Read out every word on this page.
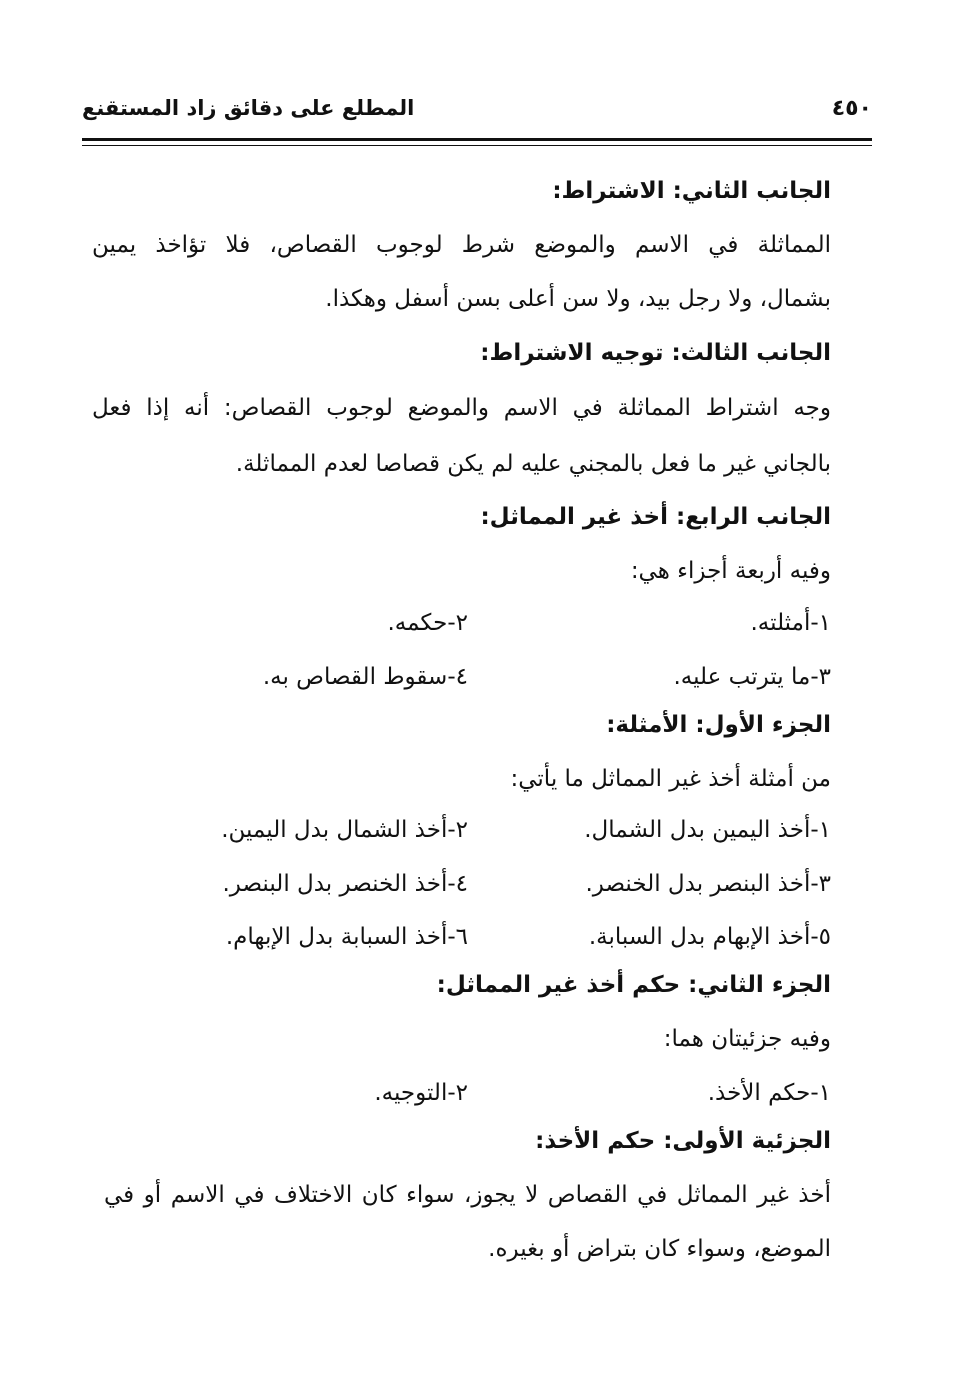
٤٥٠
المطلع على دقائق زاد المستقنع
الجانب الثاني: الاشتراط:
المماثلة في الاسم والموضع شرط لوجوب القصاص، فلا تؤاخذ يمين
بشمال، ولا رجل بيد، ولا سن أعلى بسن أسفل وهكذا.
الجانب الثالث: توجيه الاشتراط:
وجه اشتراط المماثلة في الاسم والموضع لوجوب القصاص: أنه إذا فعل
بالجاني غير ما فعل بالمجني عليه لم يكن قصاصا لعدم المماثلة.
الجانب الرابع: أخذ غير المماثل:
وفيه أربعة أجزاء هي:
١-أمثلته.
٢-حكمه.
٣-ما يترتب عليه.
٤-سقوط القصاص به.
الجزء الأول: الأمثلة:
من أمثلة أخذ غير المماثل ما يأتي:
١-أخذ اليمين بدل الشمال.
٢-أخذ الشمال بدل اليمين.
٣-أخذ البنصر بدل الخنصر.
٤-أخذ الخنصر بدل البنصر.
٥-أخذ الإبهام بدل السبابة.
٦-أخذ السبابة بدل الإبهام.
الجزء الثاني: حكم أخذ غير المماثل:
وفيه جزئيتان هما:
١-حكم الأخذ.
٢-التوجيه.
الجزئية الأولى: حكم الأخذ:
أخذ غير المماثل في القصاص لا يجوز، سواء كان الاختلاف في الاسم أو في
الموضع، وسواء كان بتراض أو بغيره.
